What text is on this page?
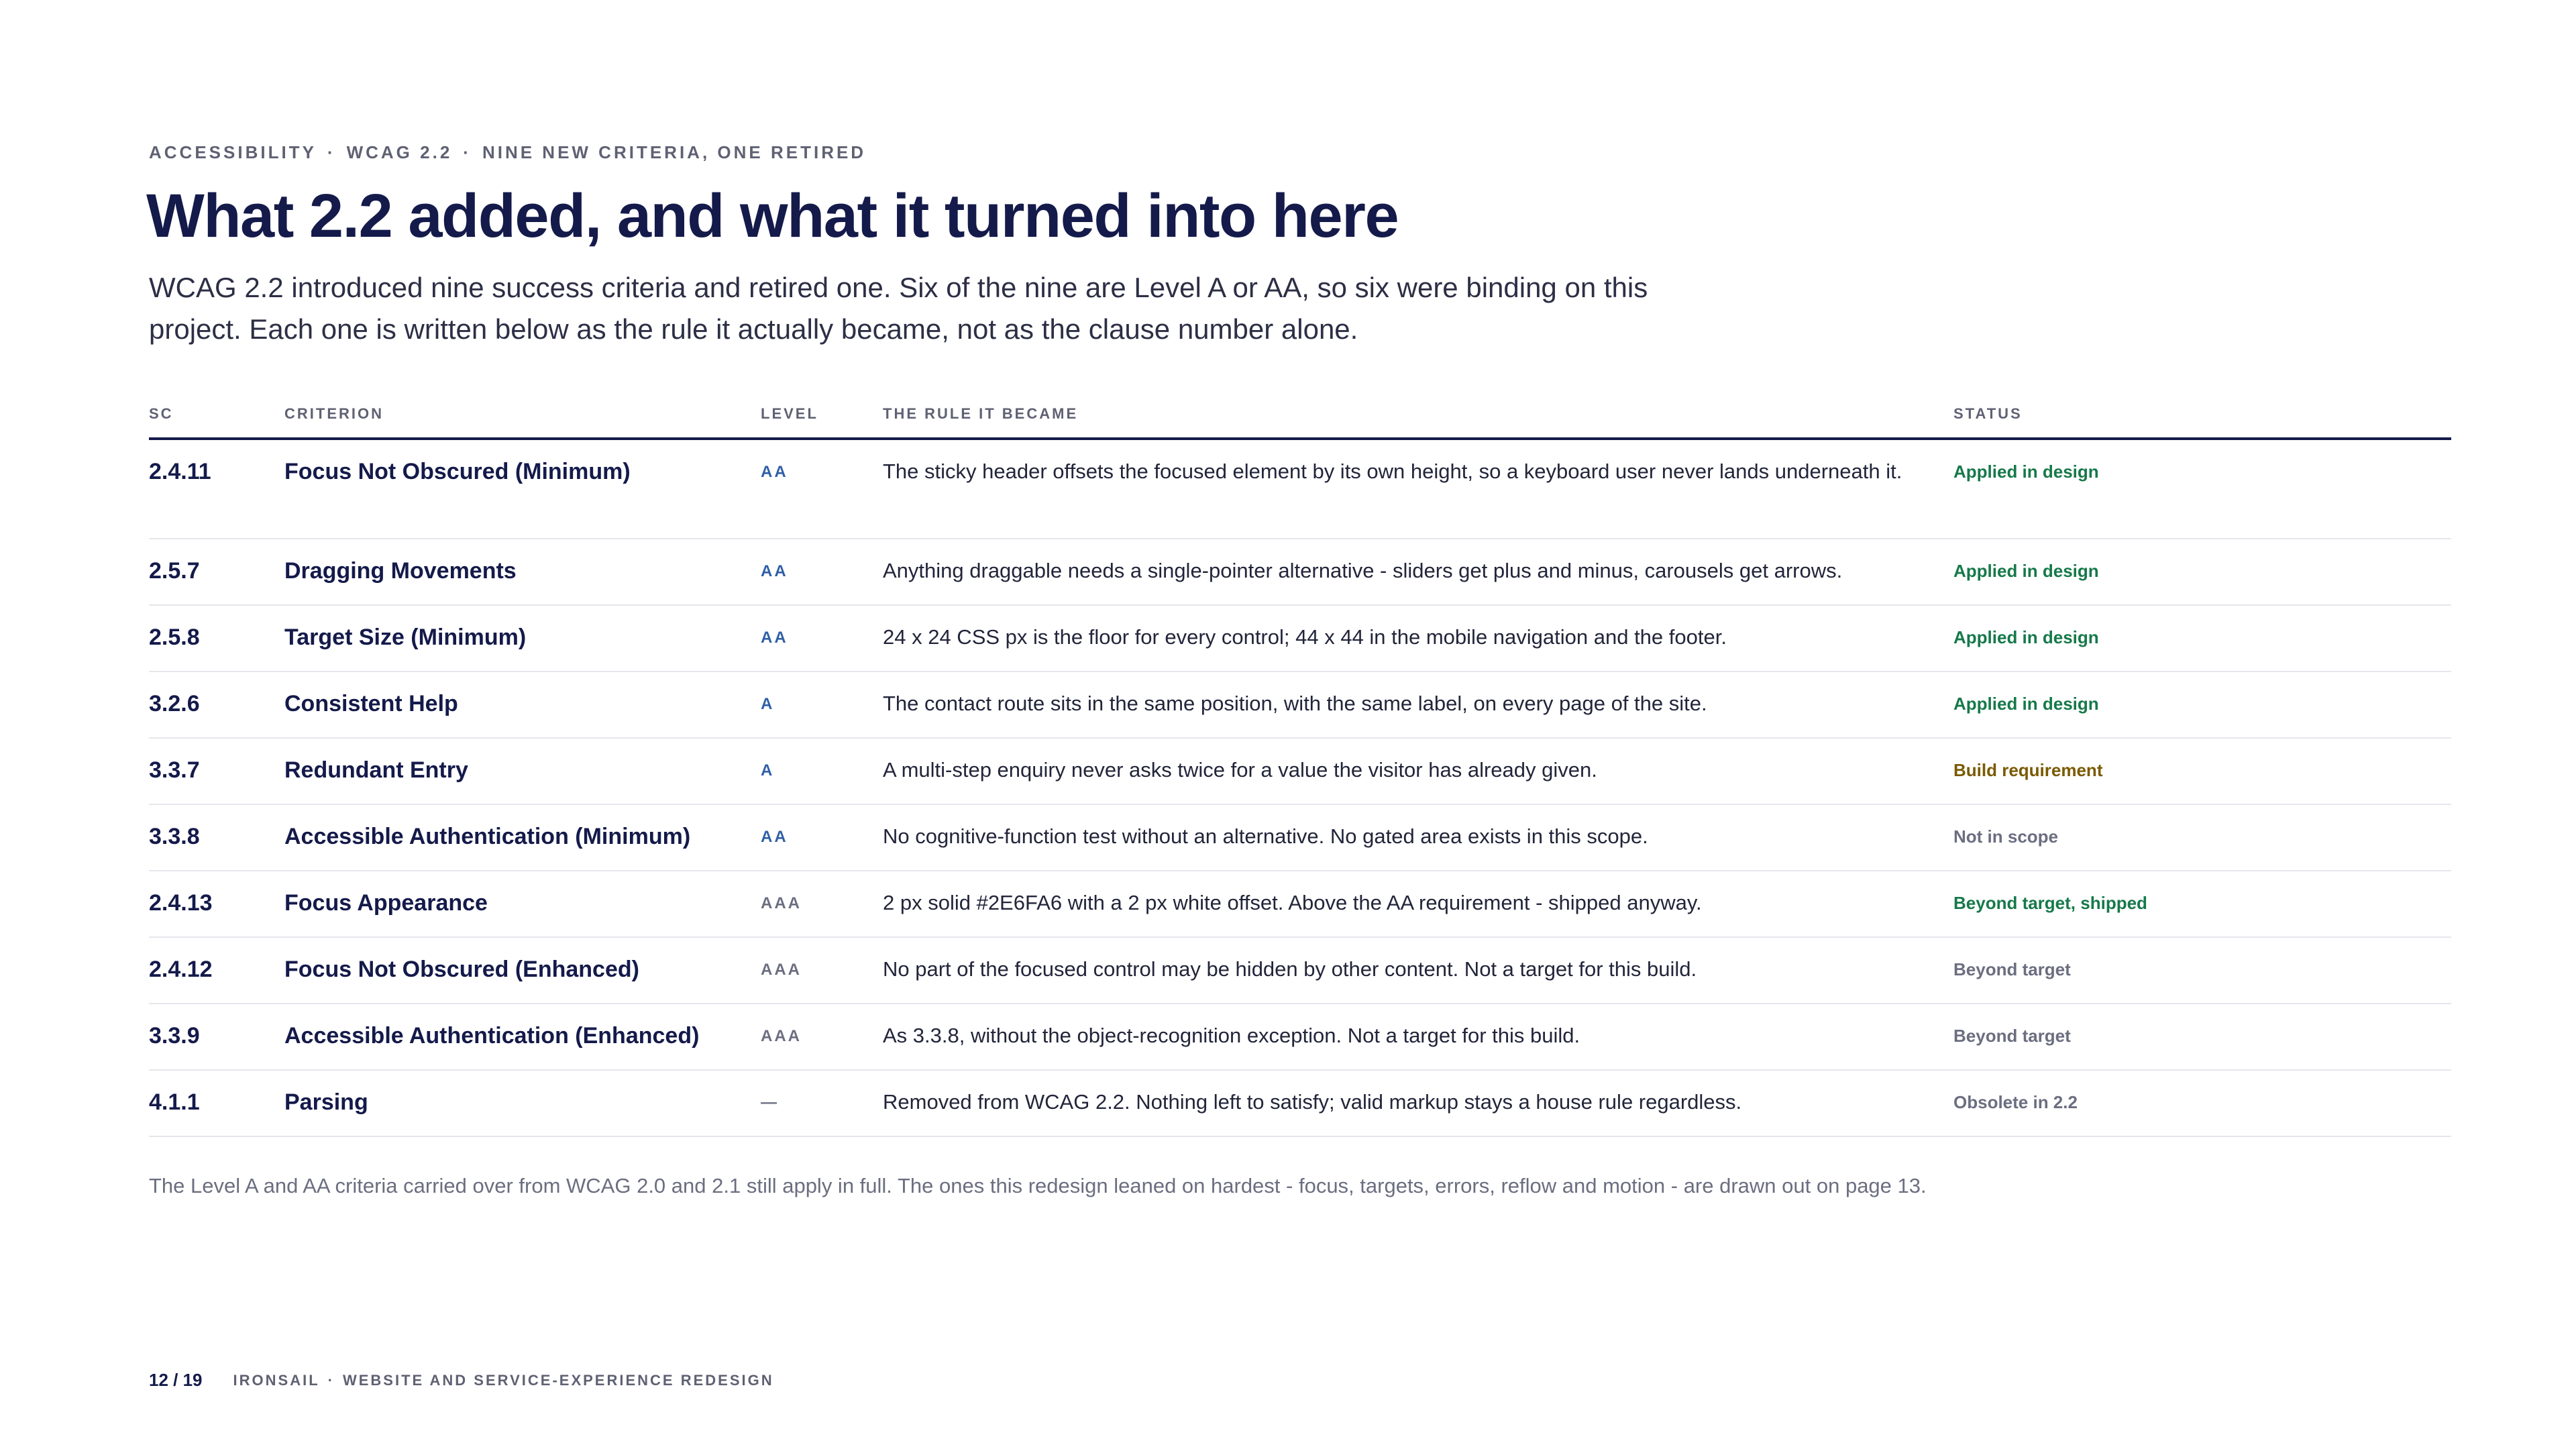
ACCESSIBILITY · WCAG 2.2 · NINE NEW CRITERIA, ONE RETIRED
What 2.2 added, and what it turned into here

WCAG 2.2 introduced nine success criteria and retired one. Six of the nine are Level A or AA, so six were binding on this project. Each one is written below as the rule it actually became, not as the clause number alone.

SC	CRITERION	LEVEL	THE RULE IT BECAME	STATUS
2.4.11	Focus Not Obscured (Minimum)	AA	The sticky header offsets the focused element by its own height, so a keyboard user never lands underneath it.	Applied in design
2.5.7	Dragging Movements	AA	Anything draggable needs a single-pointer alternative - sliders get plus and minus, carousels get arrows.	Applied in design
2.5.8	Target Size (Minimum)	AA	24 x 24 CSS px is the floor for every control; 44 x 44 in the mobile navigation and the footer.	Applied in design
3.2.6	Consistent Help	A	The contact route sits in the same position, with the same label, on every page of the site.	Applied in design
3.3.7	Redundant Entry	A	A multi-step enquiry never asks twice for a value the visitor has already given.	Build requirement
3.3.8	Accessible Authentication (Minimum)	AA	No cognitive-function test without an alternative. No gated area exists in this scope.	Not in scope
2.4.13	Focus Appearance	AAA	2 px solid #2E6FA6 with a 2 px white offset. Above the AA requirement - shipped anyway.	Beyond target, shipped
2.4.12	Focus Not Obscured (Enhanced)	AAA	No part of the focused control may be hidden by other content. Not a target for this build.	Beyond target
3.3.9	Accessible Authentication (Enhanced)	AAA	As 3.3.8, without the object-recognition exception. Not a target for this build.	Beyond target
4.1.1	Parsing	—	Removed from WCAG 2.2. Nothing left to satisfy; valid markup stays a house rule regardless.	Obsolete in 2.2
The Level A and AA criteria carried over from WCAG 2.0 and 2.1 still apply in full. The ones this redesign leaned on hardest - focus, targets, errors, reflow and motion - are drawn out on page 13.
12 / 19 IRONSAIL · WEBSITE AND SERVICE-EXPERIENCE REDESIGN
